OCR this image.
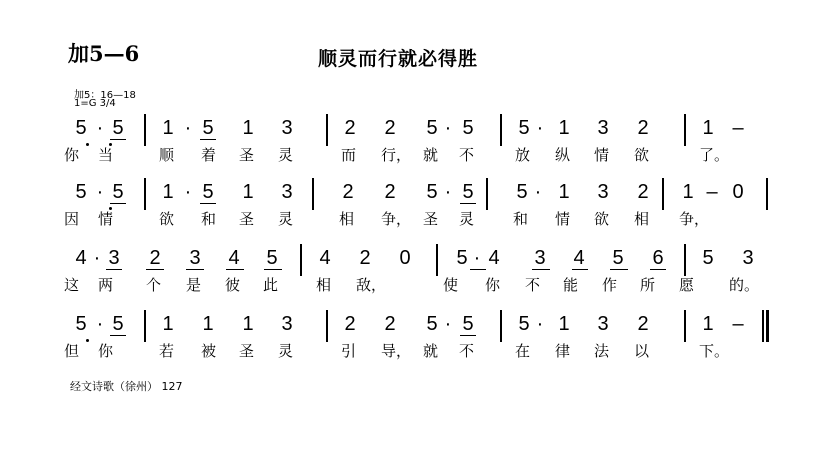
加5—6	顺灵而行就必得胜
加5：16—18
1=G 3/4
经文诗歌（徐州） 127
5 · 5 1 · 5 1 3	2 2 5 · 5 5 · 1 3 2	1 –
你 当	顺 着 圣 灵	而 行， 就 不	放 纵 情 欲	了。
5 · 5 1 · 5 1 3 2 2 5 · 5 5 · 1 3 2 1 – 0
因 情	欲 和 圣 灵	相 争， 圣 灵	和 情 欲 相 争，
4 · 3 2 3 4 5 4 2 0 5 · 4 3 4 5 6 5 3
这 两 个 是 彼 此	相 敌，	使 你 不 能 作 所 愿 的。
5 · 5 1 1 1 3	2 2 5 · 5 5 · 1 3 2	1 –
但 你	若 被 圣 灵	引 导， 就 不	在 律 法 以	下。
